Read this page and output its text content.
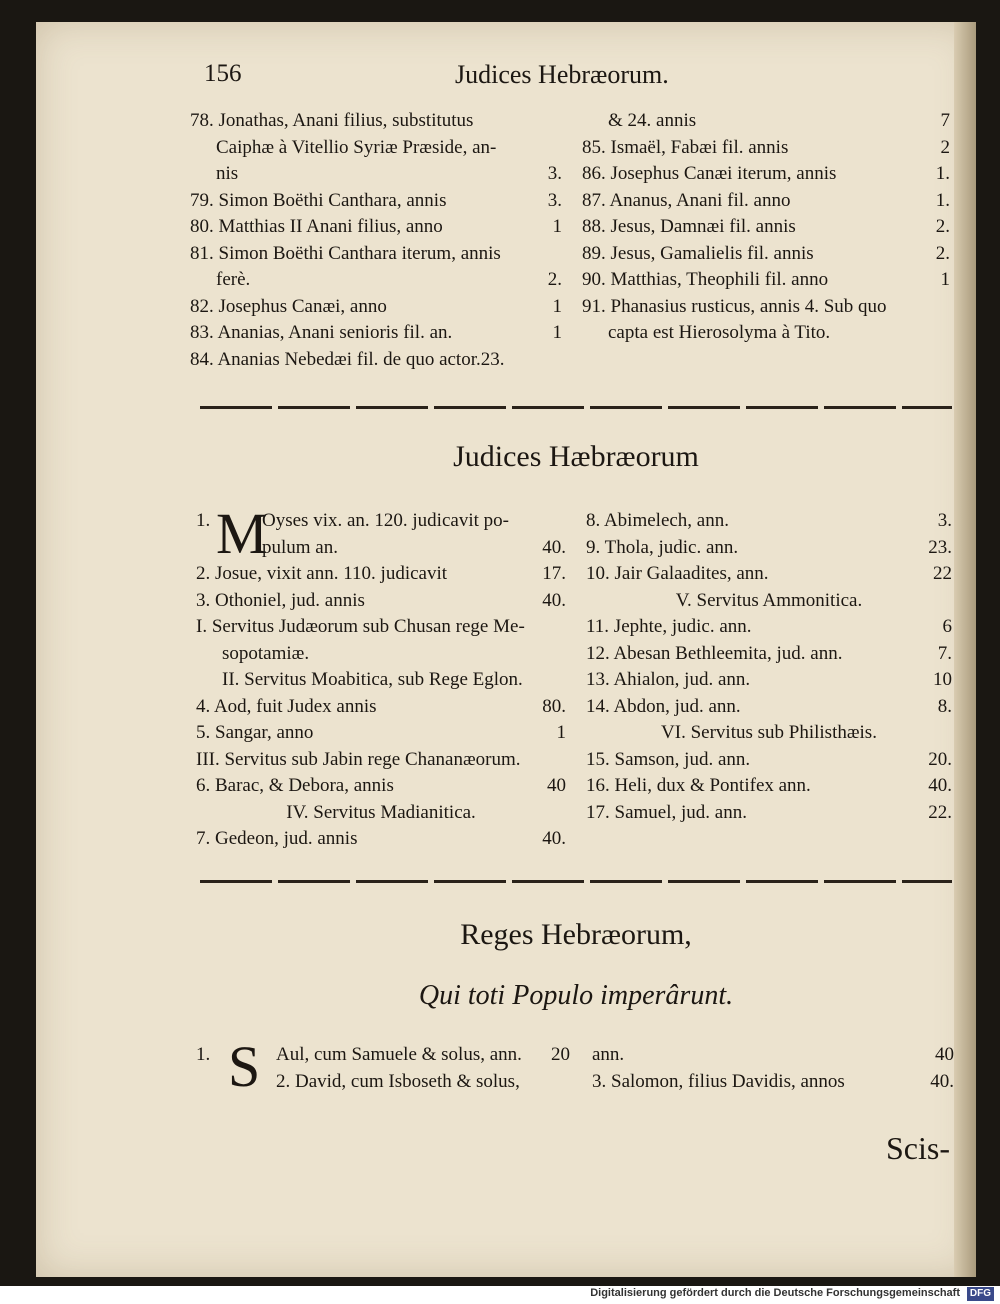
156	Judices Hebræorum.
78. Jonathas, Anani filius, substitutus
Caiphæ à Vitellio Syriæ Præside, an-
nis	3.
79. Simon Boëthi Canthara, annis	3.
80. Matthias II Anani filius, anno	1
81. Simon Boëthi Canthara iterum, annis
ferè.	2.
82. Josephus Canæi, anno	1
83. Ananias, Anani senioris fil. an.	1
84. Ananias Nebedæi fil. de quo actor.23.
& 24. annis	7
85. Ismaël, Fabæi fil. annis	2
86. Josephus Canæi iterum, annis	1.
87. Ananus, Anani fil. anno	1.
88. Jesus, Damnæi fil. annis	2.
89. Jesus, Gamalielis fil. annis	2.
90. Matthias, Theophili fil. anno	1
91. Phanasius rusticus, annis 4. Sub quo
capta est Hierosolyma à Tito.
Judices Hæbræorum
1. M
Oyses vix. an. 120. judicavit po-
pulum an.	40.
2. Josue, vixit ann. 110. judicavit	17.
3. Othoniel, jud. annis	40.
I. Servitus Judæorum sub Chusan rege Me-
sopotamiæ.
II. Servitus Moabitica, sub Rege Eglon.
4. Aod, fuit Judex annis	80.
5. Sangar, anno	1
III. Servitus sub Jabin rege Chananæorum.
6. Barac, & Debora, annis	40
IV. Servitus Madianitica.
7. Gedeon, jud. annis	40.
8. Abimelech, ann.	3.
9. Thola, judic. ann.	23.
10. Jair Galaadites, ann.	22
V. Servitus Ammonitica.
11. Jephte, judic. ann.	6
12. Abesan Bethleemita, jud. ann.	7.
13. Ahialon, jud. ann.	10
14. Abdon, jud. ann.	8.
VI. Servitus sub Philisthæis.
15. Samson, jud. ann.	20.
16. Heli, dux & Pontifex ann.	40.
17. Samuel, jud. ann.	22.
Reges Hebræorum,
Qui toti Populo imperârunt.
1. S Aul, cum Samuele & solus, ann. 20
2. David, cum Isboseth & solus,
ann.	40
3. Salomon, filius Davidis, annos	40.
Scis-
Digitalisierung gefördert durch die Deutsche Forschungsgemeinschaft DFG
